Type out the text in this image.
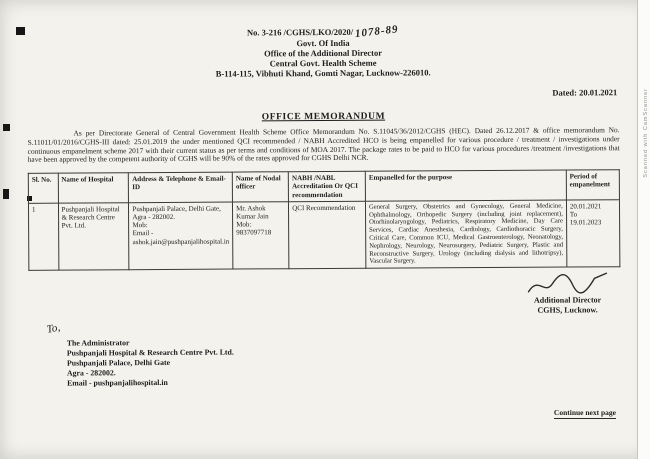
Scanned with CamScanner
No. 3-216 /CGHS/LKO/2020/ 1078-89
Govt. Of India
Office of the Additional Director
Central Govt. Health Scheme
B-114-115, Vibhuti Khand, Gomti Nagar, Lucknow-226010.
Dated: 20.01.2021
OFFICE MEMORANDUM

As per Directorate General of Central Government Health Scheme Office Memorandum No. S.11045/36/2012/CGHS (HEC). Dated 26.12.2017 & office memorandum No. S.11011/01/2016/CGHS-III dated: 25.01.2019 the under mentioned QCI recommended / NABH Accredited HCO is being empanelled for various procedure / treatment / investigations under continuous empanelment scheme 2017 with their current status as per terms and conditions of MOA 2017. The package rates to be paid to HCO for various procedures /treatment /investigations that have been approved by the competent authority of CGHS will be 90% of the rates approved for CGHS Delhi NCR.

Sl. No.	Name of Hospital	Address & Telephone & Email-ID	Name of Nodal officer	NABH /NABL Accreditation Or QCI recommendation	Empanelled for the purpose	Period of empanelment
1	Pushpanjali Hospital & Research Centre Pvt. Ltd.	Pushpanjali Palace, Delhi Gate, Agra - 282002.
Mob:
Email -
ashok.jain@pushpanjalihospital.in	Mr. Ashok Kumar Jain
Mob:
9837097718	QCI Recommendation	General Surgery, Obstetrics and Gynecology, General Medicine, Ophthalmology, Orthopedic Surgery (including joint replacement), Otorhinolaryngology, Pediatrics, Respiratory Medicine, Day Care Services, Cardiac Anesthesia, Cardiology, Cardiothoracic Surgery, Critical Care, Common ICU, Medical Gastroenterology, Neonatology, Nephrology, Neurology, Neurosurgery, Pediatric Surgery, Plastic and Reconstructive Surgery, Urology (including dialysis and lithotripsy), Vascular Surgery.	20.01.2021
To
19.01.2023
Additional Director
CGHS, Lucknow.
To,
The Administrator
Pushpanjali Hospital & Research Centre Pvt. Ltd.
Pushpanjali Palace, Delhi Gate
Agra - 282002.
Email - pushpanjalihospital.in
Continue next page
